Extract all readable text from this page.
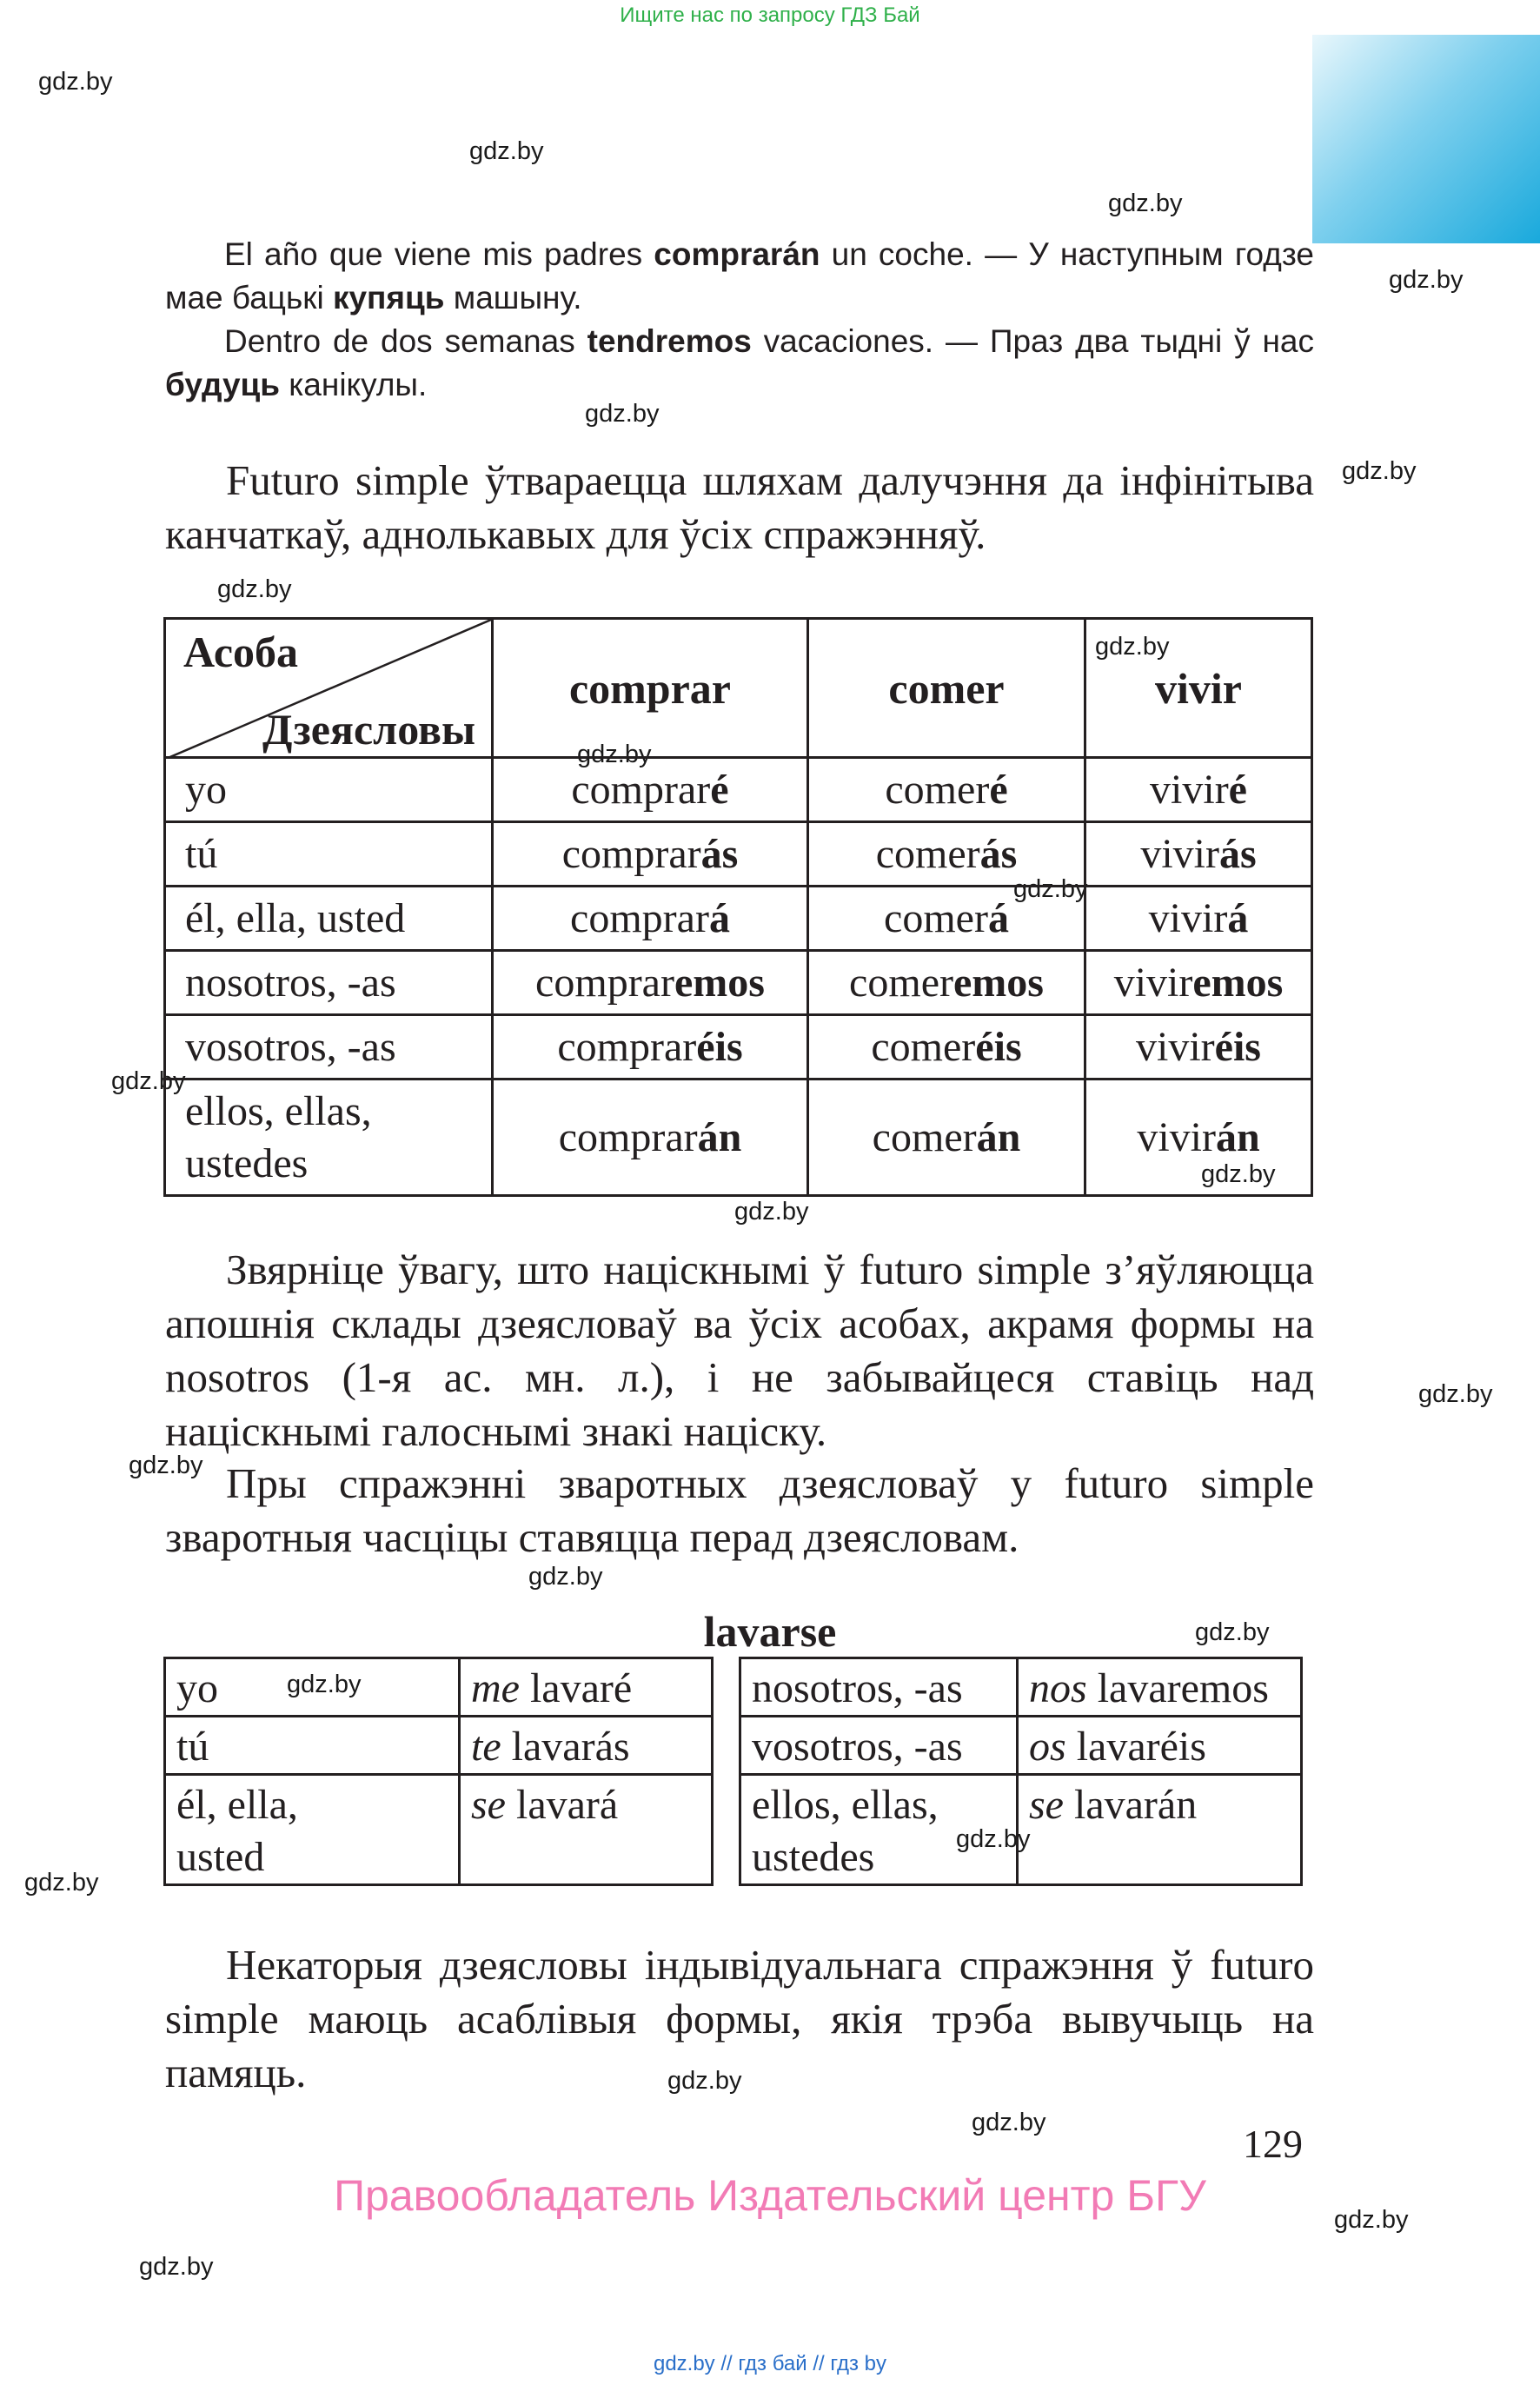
Ищите нас по запросу ГДЗ Бай
gdz.by
gdz.by
gdz.by
gdz.by
gdz.by
gdz.by
gdz.by
gdz.by
gdz.by
gdz.by
gdz.by
gdz.by
gdz.by
gdz.by
gdz.by
gdz.by
gdz.by
gdz.by
gdz.by
gdz.by
gdz.by
gdz.by
gdz.by
gdz.by
El año que viene mis padres comprarán un coche. — У наступным годзе мае бацькі купяць машыну.
Dentro de dos semanas tendremos vacaciones. — Праз два тыдні ў нас будуць канікулы.
Futuro simple ўтвараецца шляхам далучэння да інфінітыва канчаткаў, аднолькавых для ўсіх спражэнняў.
Асоба
Дзеясловы	comprar	comer	vivir
yo	compraré	comeré	viviré
tú	comprarás	comerás	vivirás
él, ella, usted	comprará	comerá	vivirá
nosotros, -as	compraremos	comeremos	viviremos
vosotros, -as	compraréis	comeréis	viviréis
ellos, ellas,
ustedes	comprarán	comerán	vivirán
Звярніце ўвагу, што націскнымі ў futuro simple з’яўляюцца апошнія склады дзеясловаў ва ўсіх асобах, акрамя формы на nosotros (1-я ас. мн. л.), і не забывайцеся ставіць над націскнымі галоснымі знакі націску.
Пры спражэнні зваротных дзеясловаў у futuro simple зваротныя часціцы ставяцца перад дзеясловам.
lavarse
yo	me lavaré
tú	te lavarás
él, ella,
usted	se lavará
nosotros, -as	nos lavaremos
vosotros, -as	os lavaréis
ellos, ellas,
ustedes	se lavarán
Некаторыя дзеясловы індывідуальнага спражэння ў futuro simple маюць асаблівыя формы, якія трэба вывучыць на памяць.
129
Правообладатель Издательский центр БГУ
gdz.by // гдз бай // гдз by
